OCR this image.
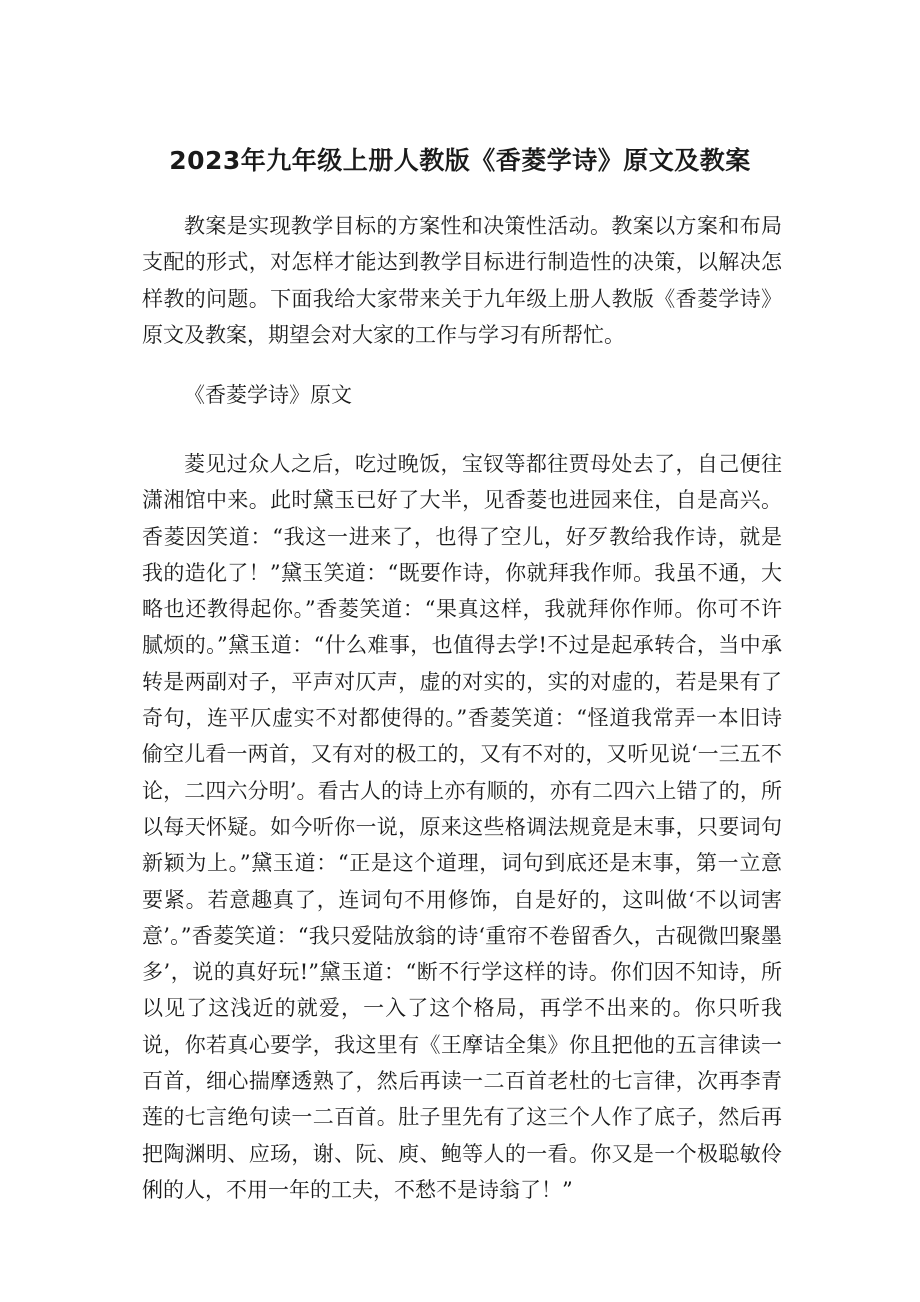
2023年九年级上册人教版《香菱学诗》原文及教案

教案是实现教学目标的方案性和决策性活动。教案以方案和布局支配的形式，对怎样才能达到教学目标进行制造性的决策，以解决怎样教的问题。下面我给大家带来关于九年级上册人教版《香菱学诗》原文及教案，期望会对大家的工作与学习有所帮忙。

《香菱学诗》原文

菱见过众人之后，吃过晚饭，宝钗等都往贾母处去了，自己便往潇湘馆中来。此时黛玉已好了大半，见香菱也进园来住，自是高兴。香菱因笑道：“我这一进来了，也得了空儿，好歹教给我作诗，就是我的造化了！”黛玉笑道：“既要作诗，你就拜我作师。我虽不通，大略也还教得起你。”香菱笑道：“果真这样，我就拜你作师。你可不许腻烦的。”黛玉道：“什么难事，也值得去学!不过是起承转合，当中承转是两副对子，平声对仄声，虚的对实的，实的对虚的，若是果有了奇句，连平仄虚实不对都使得的。”香菱笑道：“怪道我常弄一本旧诗偷空儿看一两首，又有对的极工的，又有不对的，又听见说‘一三五不论，二四六分明’。看古人的诗上亦有顺的，亦有二四六上错了的，所以每天怀疑。如今听你一说，原来这些格调法规竟是末事，只要词句新颖为上。”黛玉道：“正是这个道理，词句到底还是末事，第一立意要紧。若意趣真了，连词句不用修饰，自是好的，这叫做‘不以词害意’。”香菱笑道：“我只爱陆放翁的诗‘重帘不卷留香久，古砚微凹聚墨多’，说的真好玩!”黛玉道：“断不行学这样的诗。你们因不知诗，所以见了这浅近的就爱，一入了这个格局，再学不出来的。你只听我说，你若真心要学，我这里有《王摩诘全集》你且把他的五言律读一百首，细心揣摩透熟了，然后再读一二百首老杜的七言律，次再李青莲的七言绝句读一二百首。肚子里先有了这三个人作了底子，然后再把陶渊明、应玚，谢、阮、庾、鲍等人的一看。你又是一个极聪敏伶俐的人，不用一年的工夫，不愁不是诗翁了！”
